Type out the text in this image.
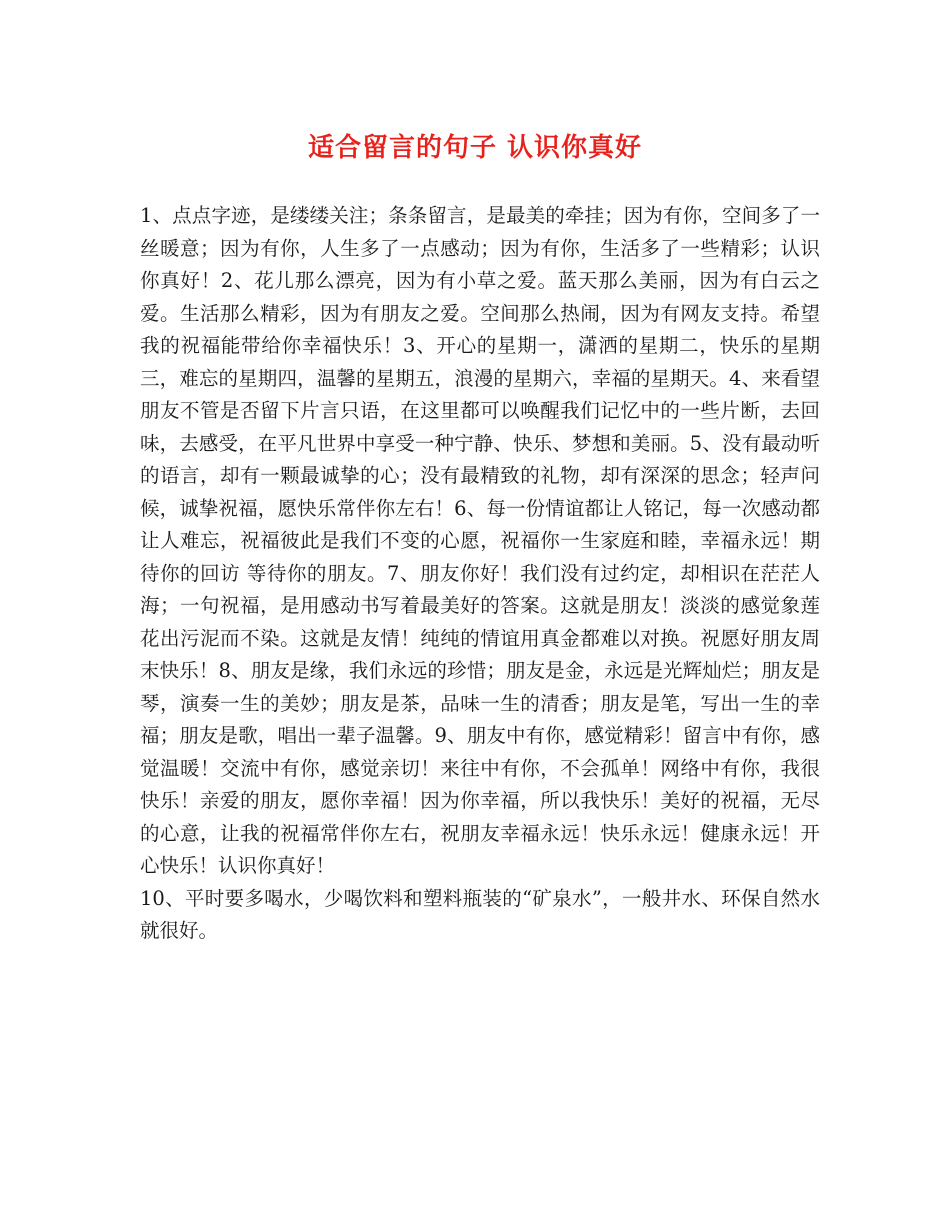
适合留言的句子 认识你真好

1、点点字迹，是缕缕关注；条条留言，是最美的牵挂；因为有你，空间多了一丝暖意；因为有你，人生多了一点感动；因为有你，生活多了一些精彩；认识你真好！2、花儿那么漂亮，因为有小草之爱。蓝天那么美丽，因为有白云之爱。生活那么精彩，因为有朋友之爱。空间那么热闹，因为有网友支持。希望我的祝福能带给你幸福快乐！3、开心的星期一，潇洒的星期二，快乐的星期三，难忘的星期四，温馨的星期五，浪漫的星期六，幸福的星期天。4、来看望朋友不管是否留下片言只语，在这里都可以唤醒我们记忆中的一些片断，去回味，去感受，在平凡世界中享受一种宁静、快乐、梦想和美丽。5、没有最动听的语言，却有一颗最诚挚的心；没有最精致的礼物，却有深深的思念；轻声问候，诚挚祝福，愿快乐常伴你左右！6、每一份情谊都让人铭记，每一次感动都让人难忘，祝福彼此是我们不变的心愿，祝福你一生家庭和睦，幸福永远！期待你的回访 等待你的朋友。7、朋友你好！我们没有过约定，却相识在茫茫人海；一句祝福，是用感动书写着最美好的答案。这就是朋友！淡淡的感觉象莲花出污泥而不染。这就是友情！纯纯的情谊用真金都难以对换。祝愿好朋友周末快乐！8、朋友是缘，我们永远的珍惜；朋友是金，永远是光辉灿烂；朋友是琴，演奏一生的美妙；朋友是茶，品味一生的清香；朋友是笔，写出一生的幸福；朋友是歌，唱出一辈子温馨。9、朋友中有你，感觉精彩！留言中有你，感觉温暖！交流中有你，感觉亲切！来往中有你，不会孤单！网络中有你，我很快乐！亲爱的朋友，愿你幸福！因为你幸福，所以我快乐！美好的祝福，无尽的心意，让我的祝福常伴你左右，祝朋友幸福永远！快乐永远！健康永远！开心快乐！认识你真好！

10、平时要多喝水，少喝饮料和塑料瓶装的“矿泉水”，一般井水、环保自然水就很好。
